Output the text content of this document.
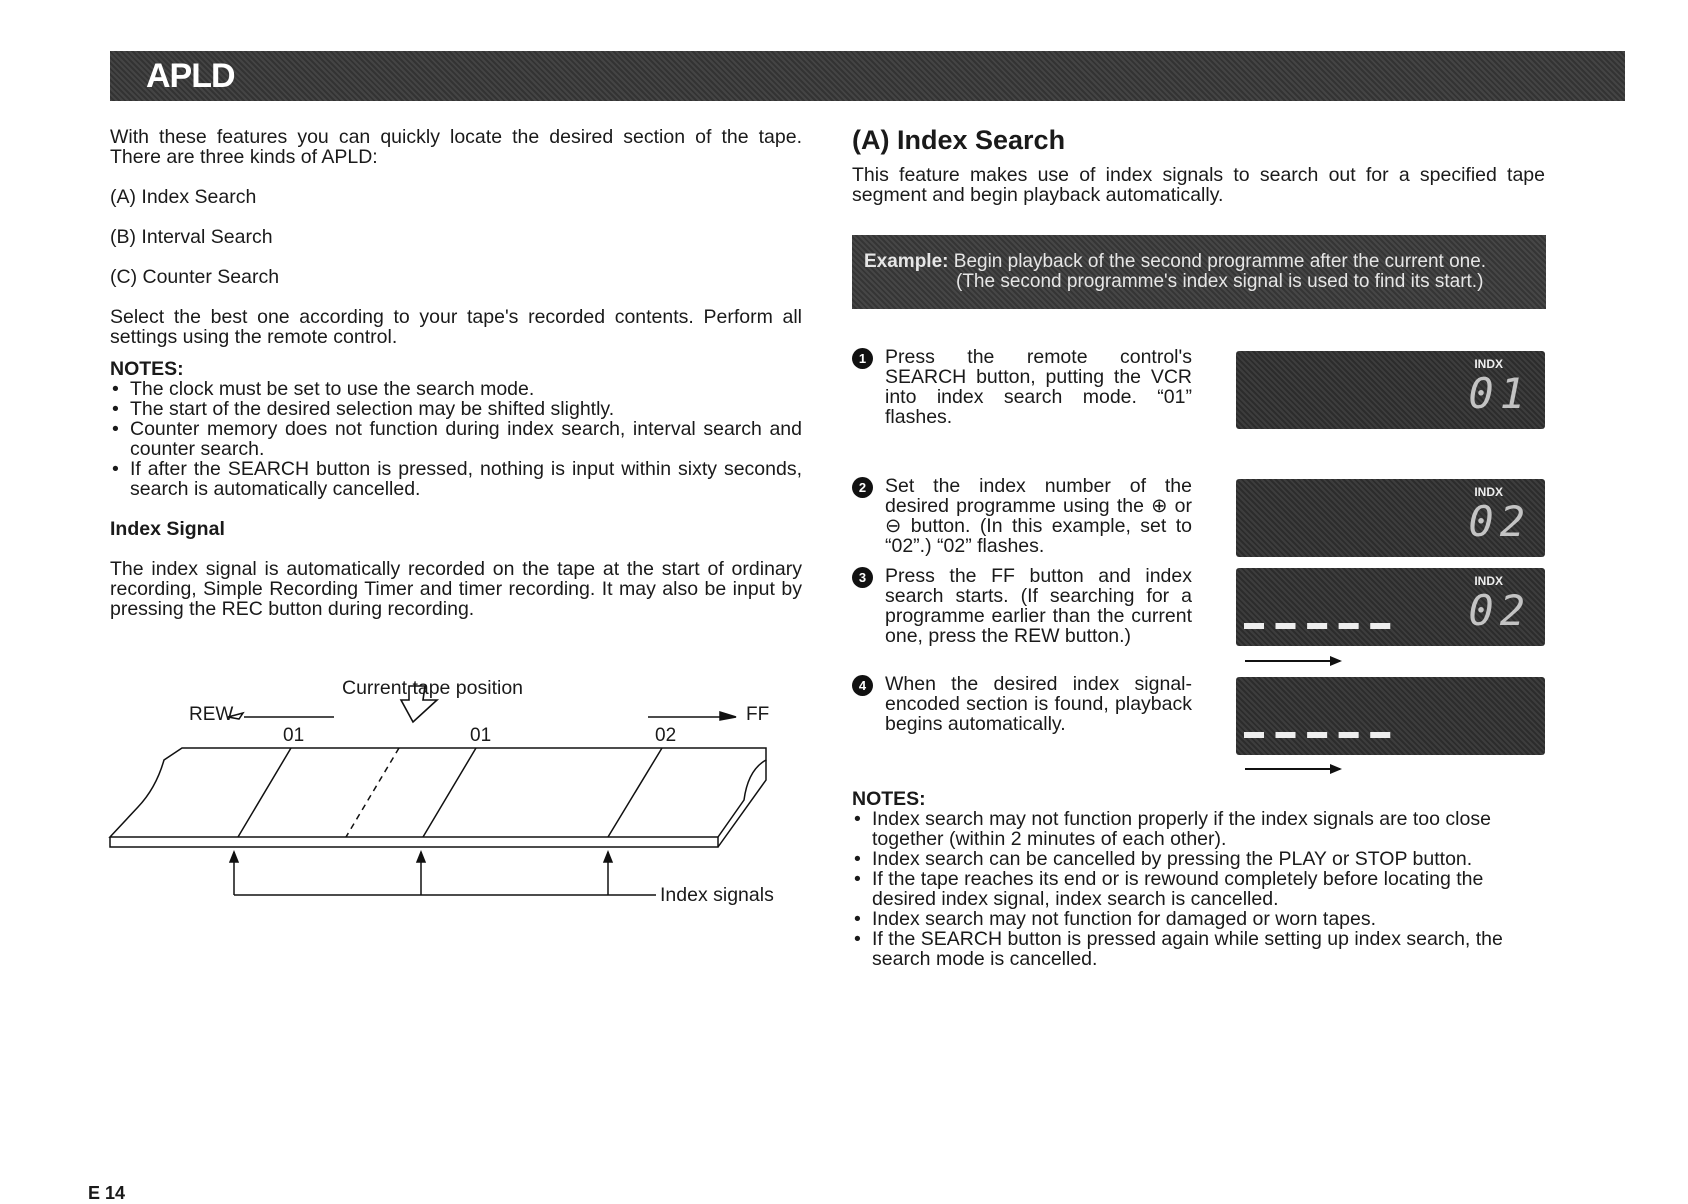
APLD

With these features you can quickly locate the desired section of the tape. There are three kinds of APLD:

(A) Index Search

(B) Interval Search

(C) Counter Search

Select the best one according to your tape's recorded contents. Perform all settings using the remote control.

NOTES:

• The clock must be set to use the search mode.
• The start of the desired selection may be shifted slightly.
• Counter memory does not function during index search, interval search and counter search.
• If after the SEARCH button is pressed, nothing is input within sixty seconds, search is automatically cancelled.

Index Signal

The index signal is automatically recorded on the tape at the start of ordinary recording, Simple Recording Timer and timer recording. It may also be input by pressing the REC button during recording.

Current tape position
REW	FF
01	01	02
Index signals
(A) Index Search
This feature makes use of index signals to search out for a specified tape segment and begin playback automatically.
Example: Begin playback of the second programme after the current one.
(The second programme's index signal is used to find its start.)
1 Press the remote control's SEARCH button, putting the VCR into index search mode. “01” flashes.
2 Set the index number of the desired programme using the ⊕ or ⊖ button. (In this example, set to “02”.) “02” flashes.
3 Press the FF button and index search starts. (If searching for a programme earlier than the current one, press the REW button.)
4 When the desired index signal-encoded section is found, playback begins automatically.
INDX
01
INDX
02
INDX
02
▬ ▬ ▬ ▬ ▬
▬ ▬ ▬ ▬ ▬

NOTES:

• Index search may not function properly if the index signals are too close together (within 2 minutes of each other).
• Index search can be cancelled by pressing the PLAY or STOP button.
• If the tape reaches its end or is rewound completely before locating the desired index signal, index search is cancelled.
• Index search may not function for damaged or worn tapes.
• If the SEARCH button is pressed again while setting up index search, the search mode is cancelled.
E 14
